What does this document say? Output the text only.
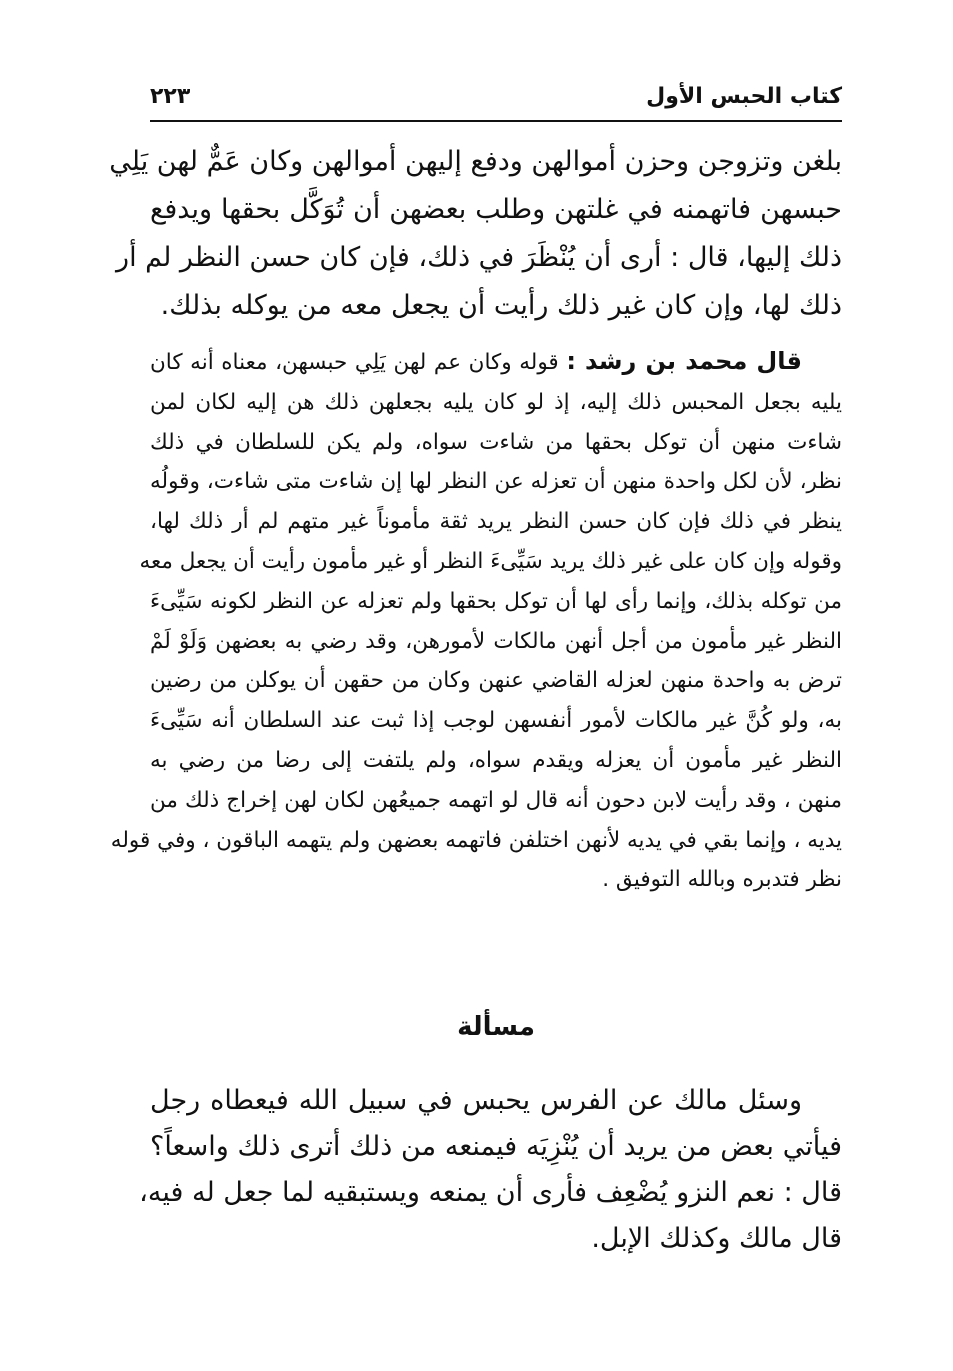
كتاب الحبس الأول
٢٢٣
بلغن وتزوجن وحزن أموالهن ودفع إليهن أموالهن وكان عَمٌّ لهن يَلِي
حبسهن فاتهمنه في غلتهن وطلب بعضهن أن تُوَكَّل بحقها ويدفع
ذلك إليها، قال : أرى أن يُنْظَرَ في ذلك، فإن كان حسن النظر لم أر
ذلك لها، وإن كان غير ذلك رأيت أن يجعل معه من يوكله بذلك.
قال محمد بن رشد : قوله وكان عم لهن يَلِي حبسهن، معناه أنه كان
يليه بجعل المحبس ذلك إليه، إذ لو كان يليه بجعلهن ذلك هن إليه لكان لمن
شاءت منهن أن توكل بحقها من شاءت سواه، ولم يكن للسلطان في ذلك
نظر، لأن لكل واحدة منهن أن تعزله عن النظر لها إن شاءت متى شاءت، وقولُه
ينظر في ذلك فإن كان حسن النظر يريد ثقة مأموناً غير متهم لم أر ذلك لها،
وقوله وإن كان على غير ذلك يريد سَيِّىءَ النظر أو غير مأمون رأيت أن يجعل معه
من توكله بذلك، وإنما رأى لها أن توكل بحقها ولم تعزله عن النظر لكونه سَيِّىءَ
النظر غير مأمون من أجل أنهن مالكات لأمورهن، وقد رضي به بعضهن وَلَوْ لَمْ
ترض به واحدة منهن لعزله القاضي عنهن وكان من حقهن أن يوكلن من رضين
به، ولو كُنَّ غير مالكات لأمور أنفسهن لوجب إذا ثبت عند السلطان أنه سَيِّىءَ
النظر غير مأمون أن يعزله ويقدم سواه، ولم يلتفت إلى رضا من رضي به
منهن ، وقد رأيت لابن دحون أنه قال لو اتهمه جميعُهن لكان لهن إخراج ذلك من
يديه ، وإنما بقي في يديه لأنهن اختلفن فاتهمه بعضهن ولم يتهمه الباقون ، وفي قوله
نظر فتدبره وبالله التوفيق .
مسألة
وسئل مالك عن الفرس يحبس في سبيل الله فيعطاه رجل
فيأتي بعض من يريد أن يُنْزِيَه فيمنعه من ذلك أترى ذلك واسعاً؟
قال : نعم النزو يُضْعِف فأرى أن يمنعه ويستبقيه لما جعل له فيه،
قال مالك وكذلك الإبل.
